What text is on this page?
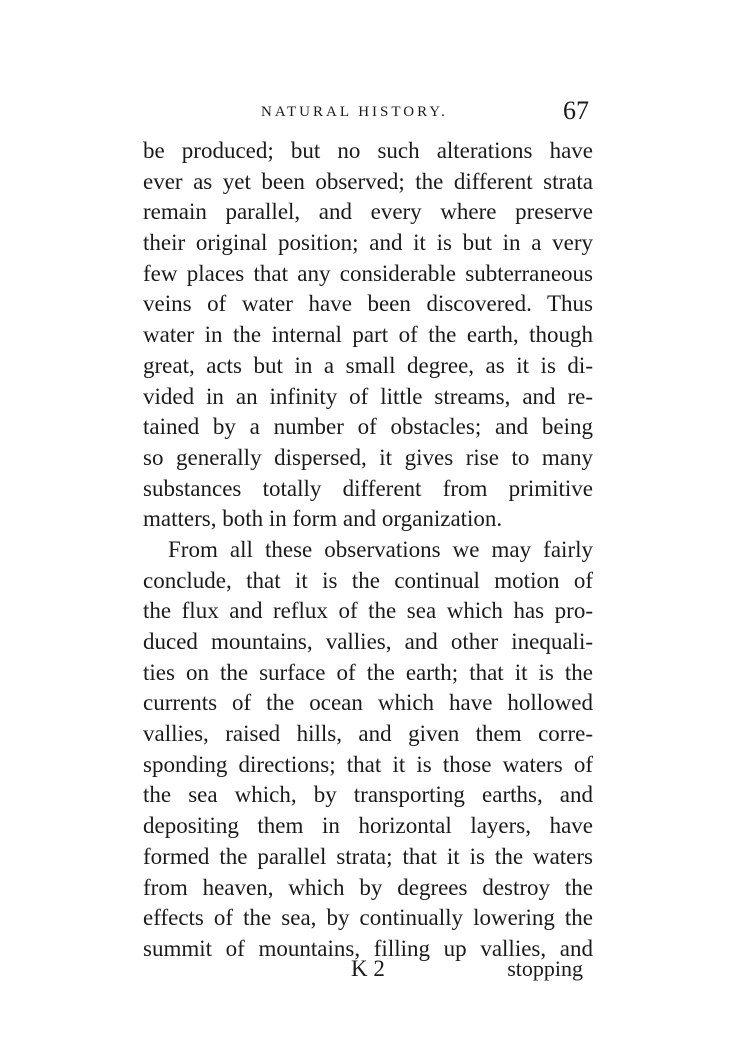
NATURAL HISTORY.	67
be produced; but no such alterations have
ever as yet been observed; the different strata
remain parallel, and every where preserve
their original position; and it is but in a very
few places that any considerable subterraneous
veins of water have been discovered. Thus
water in the internal part of the earth, though
great, acts but in a small degree, as it is di-
vided in an infinity of little streams, and re-
tained by a number of obstacles; and being
so generally dispersed, it gives rise to many
substances totally different from primitive
matters, both in form and organization.
From all these observations we may fairly
conclude, that it is the continual motion of
the flux and reflux of the sea which has pro-
duced mountains, vallies, and other inequali-
ties on the surface of the earth; that it is the
currents of the ocean which have hollowed
vallies, raised hills, and given them corre-
sponding directions; that it is those waters of
the sea which, by transporting earths, and
depositing them in horizontal layers, have
formed the parallel strata; that it is the waters
from heaven, which by degrees destroy the
effects of the sea, by continually lowering the
summit of mountains, filling up vallies, and
K 2	stopping
